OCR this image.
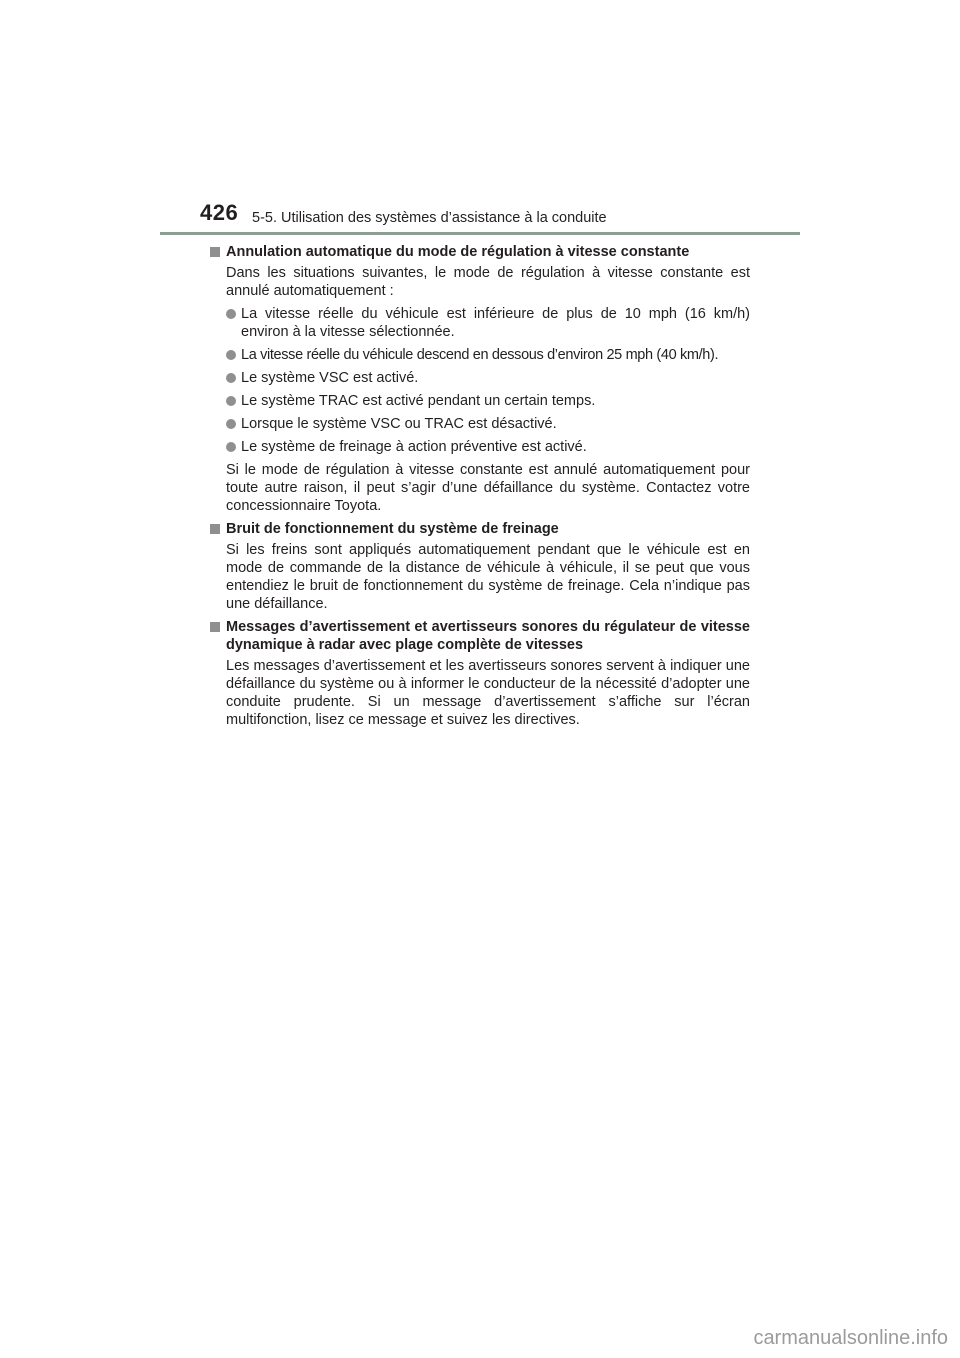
426 5-5. Utilisation des systèmes d’assistance à la conduite
Annulation automatique du mode de régulation à vitesse constante

Dans les situations suivantes, le mode de régulation à vitesse constante est annulé automatiquement :

La vitesse réelle du véhicule est inférieure de plus de 10 mph (16 km/h) environ à la vitesse sélectionnée.
La vitesse réelle du véhicule descend en dessous d’environ 25 mph (40 km/h).
Le système VSC est activé.
Le système TRAC est activé pendant un certain temps.
Lorsque le système VSC ou TRAC est désactivé.
Le système de freinage à action préventive est activé.

Si le mode de régulation à vitesse constante est annulé automatiquement pour toute autre raison, il peut s’agir d’une défaillance du système. Contactez votre concessionnaire Toyota.

Bruit de fonctionnement du système de freinage

Si les freins sont appliqués automatiquement pendant que le véhicule est en mode de commande de la distance de véhicule à véhicule, il se peut que vous entendiez le bruit de fonctionnement du système de freinage. Cela n’indique pas une défaillance.

Messages d’avertissement et avertisseurs sonores du régulateur de vitesse dynamique à radar avec plage complète de vitesses

Les messages d’avertissement et les avertisseurs sonores servent à indiquer une défaillance du système ou à informer le conducteur de la nécessité d’adopter une conduite prudente. Si un message d’avertissement s’affiche sur l’écran multifonction, lisez ce message et suivez les directives.

carmanualsonline.info
